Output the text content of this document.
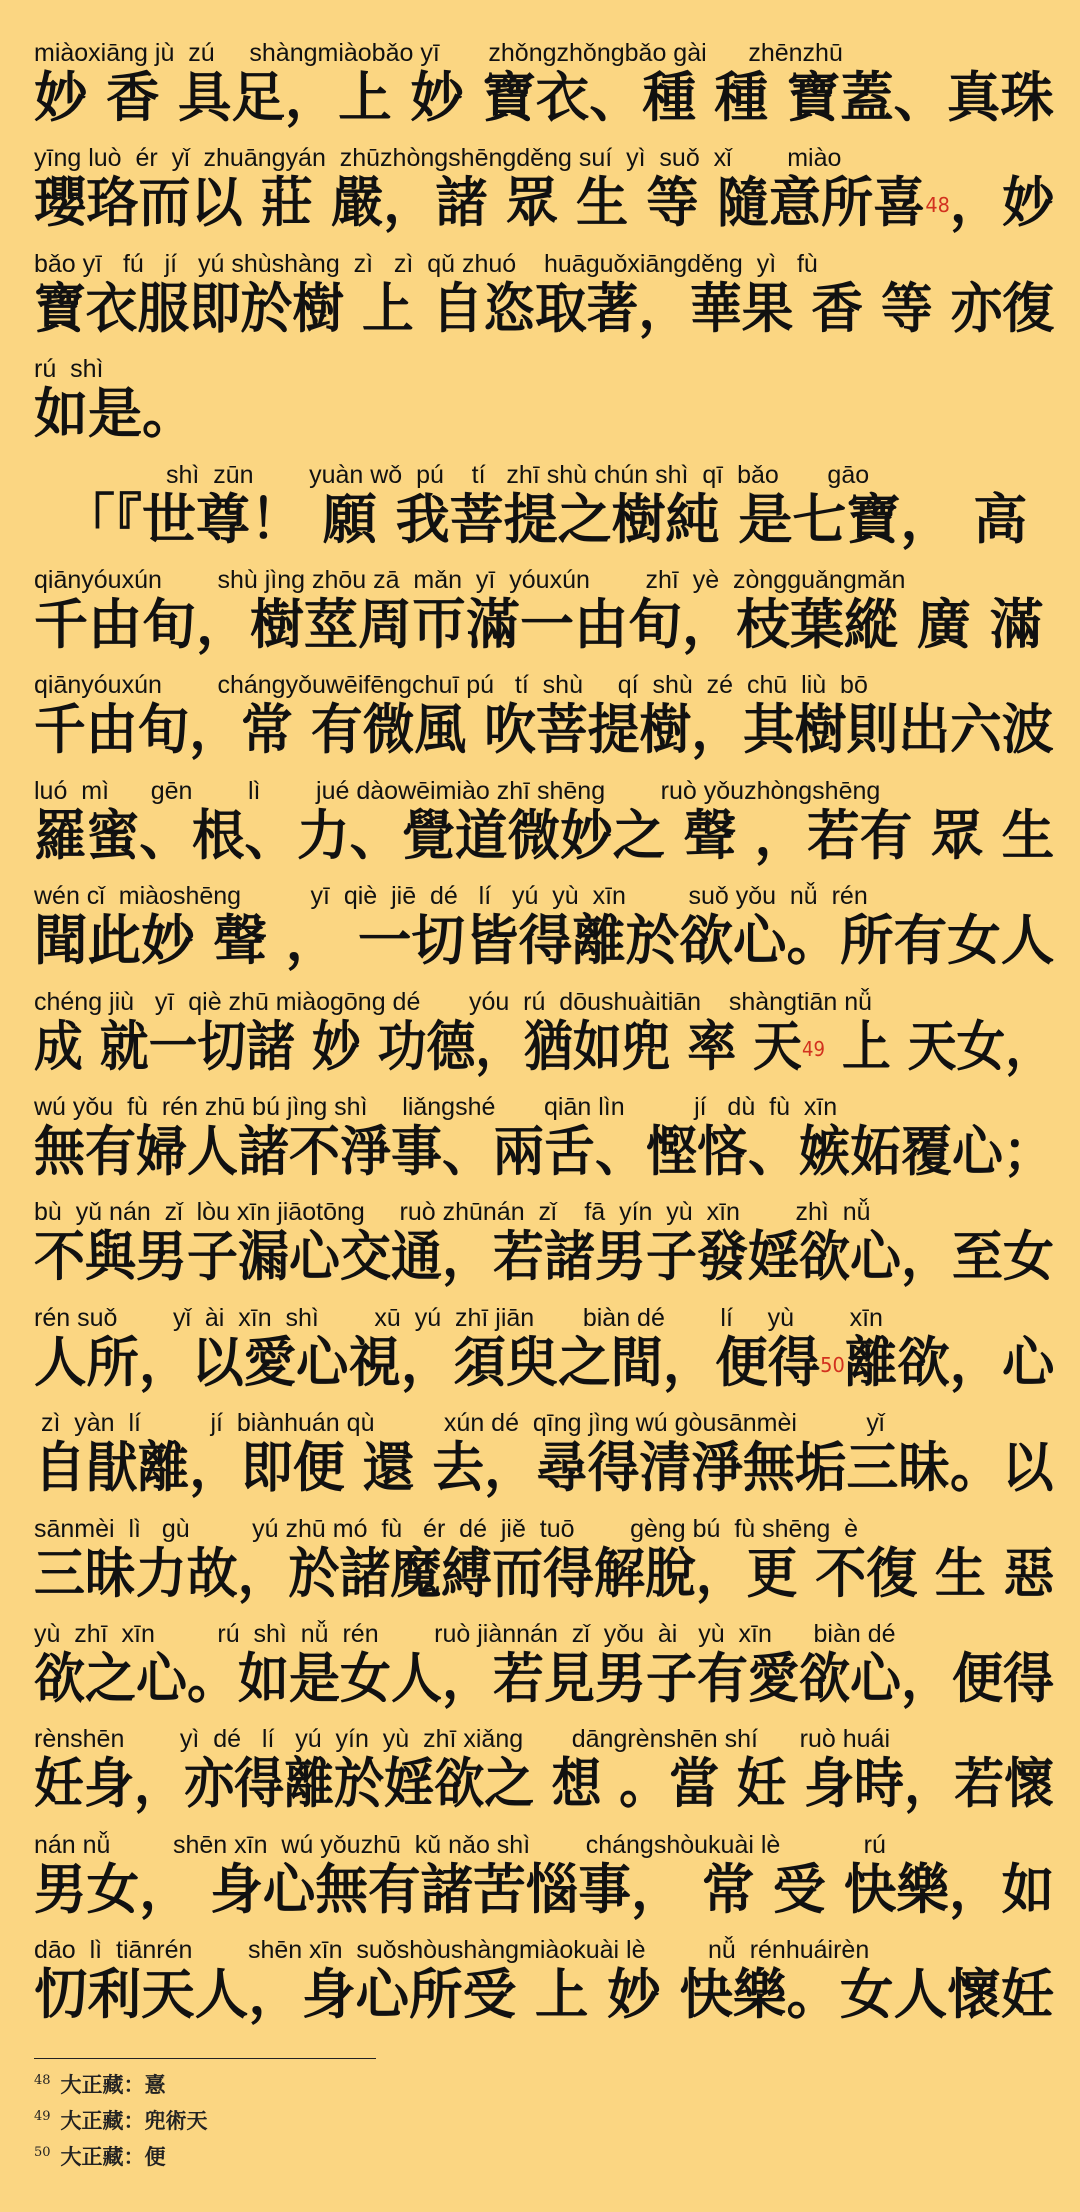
miàoxiāng jù  zú     shàngmiàobǎo yī       zhǒngzhǒngbǎo gài      zhēnzhū
妙 香 具足，上 妙 寶衣、種 種 寶蓋、真珠
yīng luò  ér  yǐ  zhuāngyán  zhūzhòngshēngděng suí  yì  suǒ  xǐ        miào
瓔珞而以 莊 嚴，諸 眾 生 等 隨意所喜$^{48}$，妙
bǎo yī   fú   jí   yú shùshàng  zì   zì  qǔ zhuó    huāguǒxiāngděng  yì   fù
寶衣服即於樹 上 自恣取著，華果 香 等 亦復
rú  shì
如是。
shì  zūn        yuàn wǒ  pú    tí   zhī shù chún shì  qī  bǎo       gāo
　「『世尊！ 願 我菩提之樹純 是七寶， 高
qiānyóuxún        shù jìng zhōu zā  mǎn  yī  yóuxún        zhī  yè  zòngguǎngmǎn
千由旬，樹莖周帀滿一由旬，枝葉縱 廣 滿
qiānyóuxún        chángyǒuwēifēngchuī pú   tí  shù     qí  shù  zé  chū  liù  bō
千由旬，常 有微風 吹菩提樹，其樹則出六波
luó  mì      gēn        lì        jué dàowēimiào zhī shēng        ruò yǒuzhòngshēng
羅蜜、根、力、覺道微妙之 聲 ，若有 眾 生
wén cǐ  miàoshēng          yī  qiè  jiē  dé   lí   yú  yù  xīn         suǒ yǒu  nǚ  rén
聞此妙 聲 ， 一切皆得離於欲心。所有女人
chéng jiù   yī  qiè zhū miàogōng dé       yóu  rú  dōushuàitiān    shàngtiān nǚ
成 就一切諸 妙 功德，猶如兜 率 天$^{49}$ 上 天女，
wú yǒu  fù  rén zhū bú jìng shì     liǎngshé       qiān lìn          jí   dù  fù  xīn
無有婦人諸不淨事、兩舌、慳悋、嫉妬覆心；
bù  yǔ nán  zǐ  lòu xīn jiāotōng     ruò zhūnán  zǐ    fā  yín  yù  xīn        zhì  nǚ
不與男子漏心交通，若諸男子發婬欲心，至女
rén suǒ        yǐ  ài  xīn  shì        xū  yú  zhī jiān       biàn dé        lí     yù        xīn
人所，以愛心視，須臾之間，便得$^{50}$離欲，心
zì  yàn  lí          jí  biànhuán qù          xún dé  qīng jìng wú gòusānmèi          yǐ
自猒離，即便 還 去，尋得清淨無垢三昧。以
sānmèi  lì   gù         yú zhū mó  fù   ér  dé  jiě  tuō        gèng bú  fù shēng  è
三昧力故，於諸魔縛而得解脫，更 不復 生 惡
yù  zhī  xīn         rú  shì  nǚ  rén        ruò jiànnán  zǐ  yǒu  ài   yù  xīn      biàn dé
欲之心。如是女人，若見男子有愛欲心，便得
rènshēn        yì  dé   lí   yú  yín  yù  zhī xiǎng       dāngrènshēn shí      ruò huái
妊身，亦得離於婬欲之 想 。當 妊 身時，若懷
nán nǚ         shēn xīn  wú yǒuzhū  kǔ nǎo shì        chángshòukuài lè            rú
男女， 身心無有諸苦惱事， 常 受 快樂，如
dāo  lì  tiānrén        shēn xīn  suǒshòushàngmiàokuài lè         nǚ  rénhuáirèn
忉利天人，身心所受 上 妙 快樂。女人懷妊
$^{48}$ 大正藏：憙
$^{49}$ 大正藏：兜術天
$^{50}$ 大正藏：便
